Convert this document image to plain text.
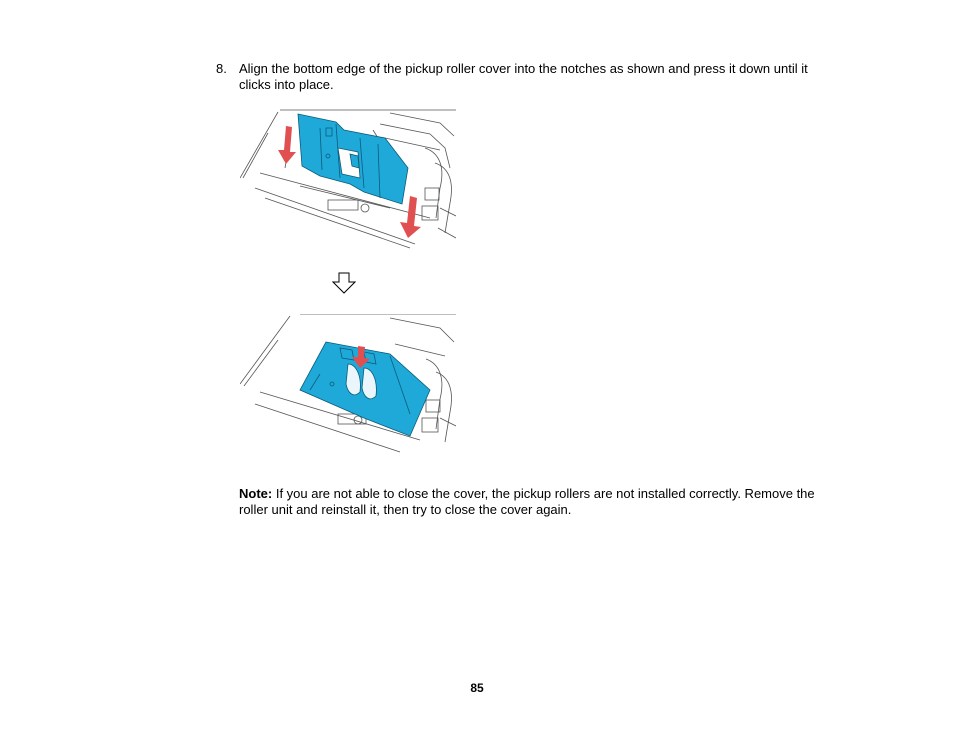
8. Align the bottom edge of the pickup roller cover into the notches as shown and press it down until it clicks into place.
Note: If you are not able to close the cover, the pickup rollers are not installed correctly. Remove the roller unit and reinstall it, then try to close the cover again.
85
